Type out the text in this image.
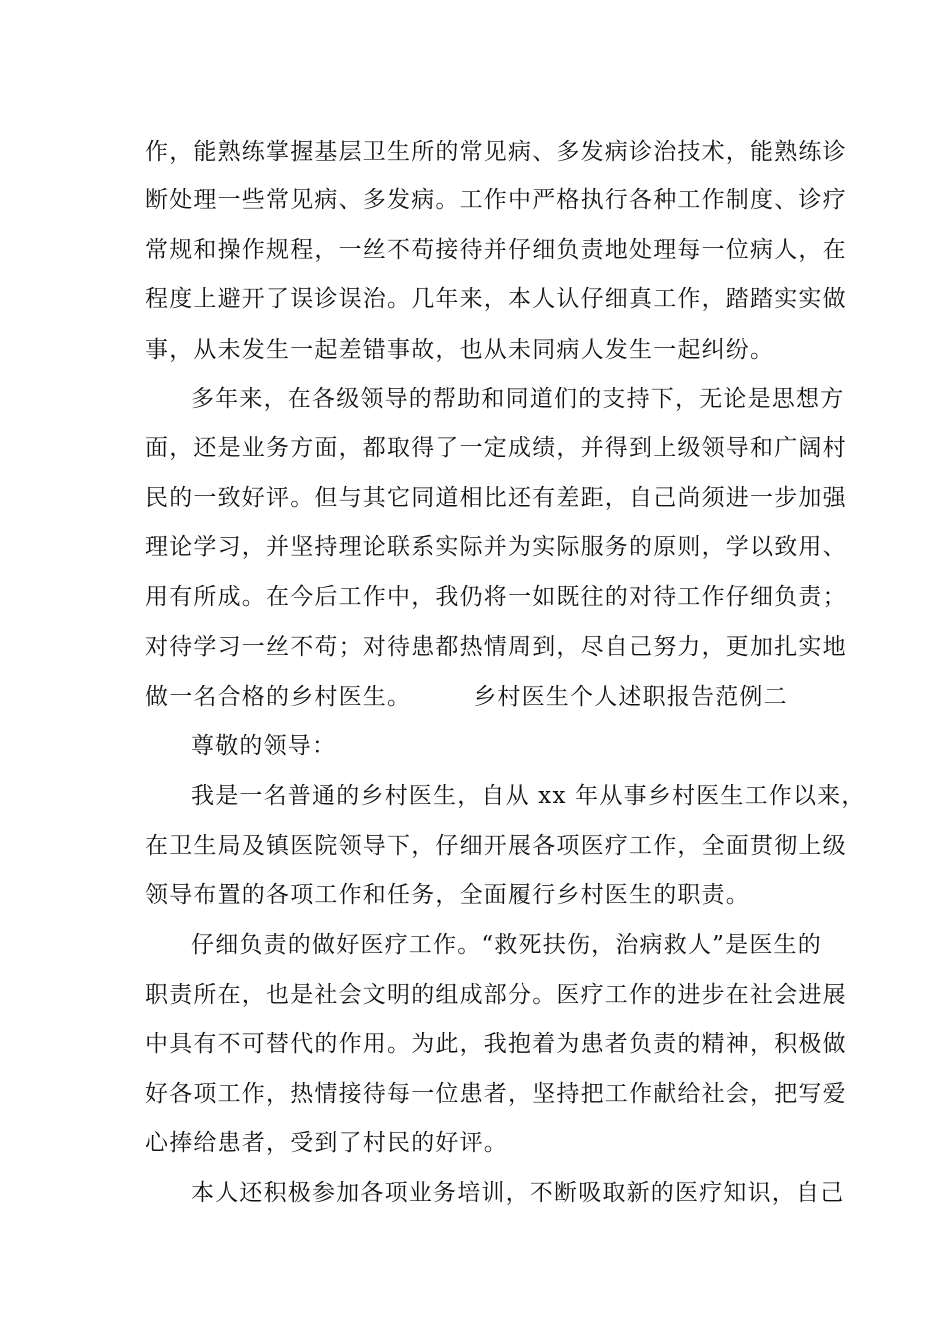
作，能熟练掌握基层卫生所的常见病、多发病诊治技术，能熟练诊
断处理一些常见病、多发病。工作中严格执行各种工作制度、诊疗
常规和操作规程，一丝不苟接待并仔细负责地处理每一位病人，在
程度上避开了误诊误治。几年来，本人认仔细真工作，踏踏实实做
事，从未发生一起差错事故，也从未同病人发生一起纠纷。
多年来，在各级领导的帮助和同道们的支持下，无论是思想方
面，还是业务方面，都取得了一定成绩，并得到上级领导和广阔村
民的一致好评。但与其它同道相比还有差距，自己尚须进一步加强
理论学习，并坚持理论联系实际并为实际服务的原则，学以致用、
用有所成。在今后工作中，我仍将一如既往的对待工作仔细负责；
对待学习一丝不苟；对待患都热情周到，尽自己努力，更加扎实地
做一名合格的乡村医生。	乡村医生个人述职报告范例二
尊敬的领导：
我是一名普通的乡村医生，自从 xx 年从事乡村医生工作以来，
在卫生局及镇医院领导下，仔细开展各项医疗工作，全面贯彻上级
领导布置的各项工作和任务，全面履行乡村医生的职责。
仔细负责的做好医疗工作。“救死扶伤，治病救人”是医生的
职责所在，也是社会文明的组成部分。医疗工作的进步在社会进展
中具有不可替代的作用。为此，我抱着为患者负责的精神，积极做
好各项工作，热情接待每一位患者，坚持把工作献给社会，把写爱
心捧给患者，受到了村民的好评。
本人还积极参加各项业务培训，不断吸取新的医疗知识，自己
